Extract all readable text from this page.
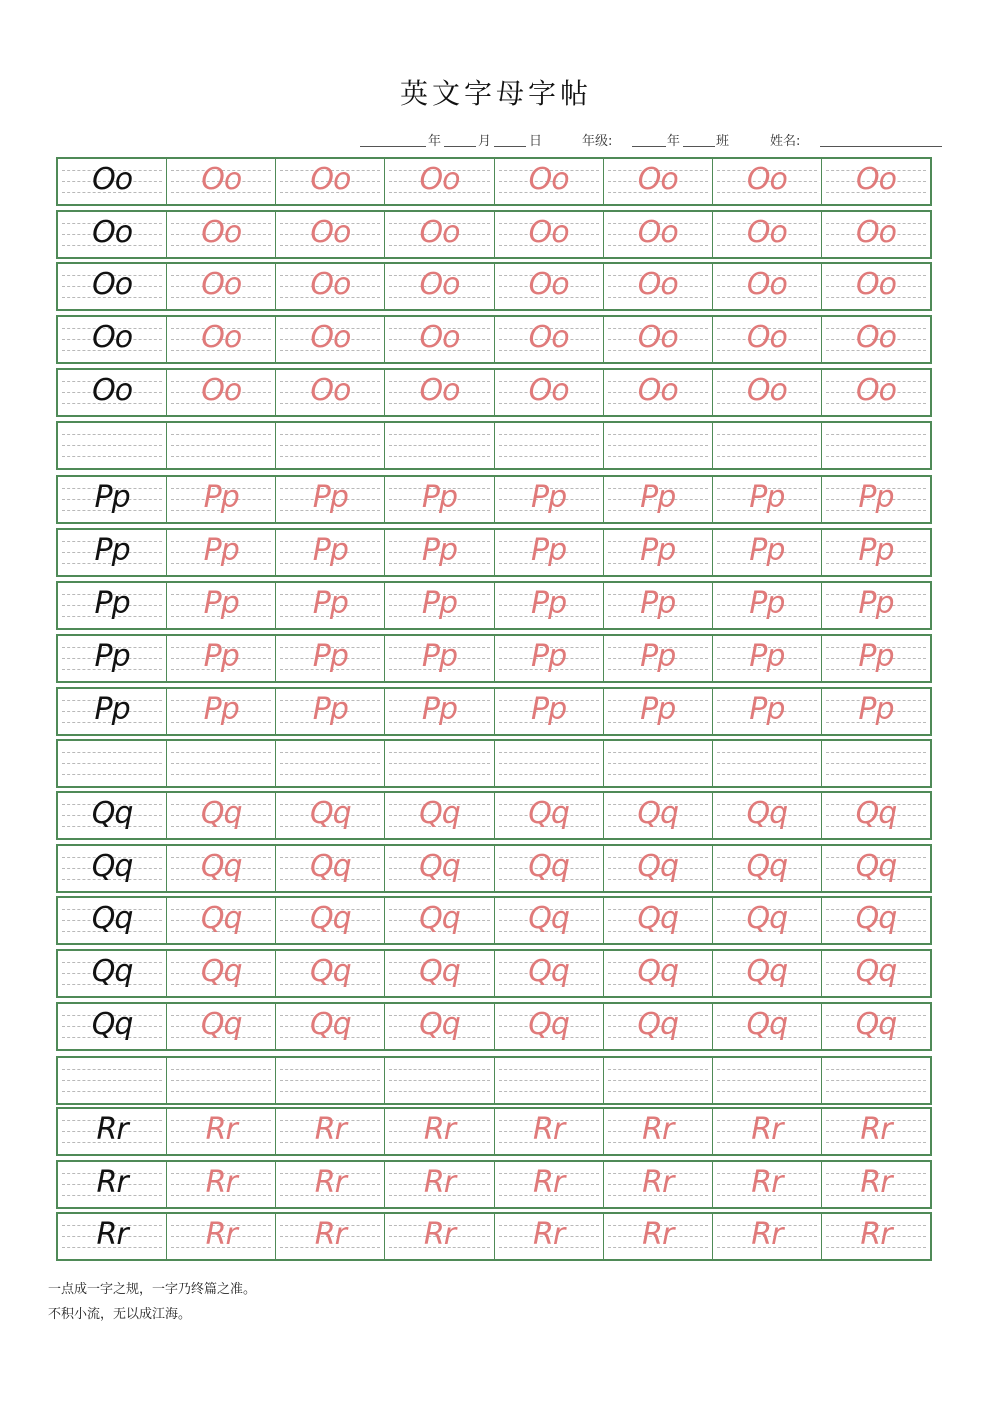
英文字母字帖
年	月	日	年级:	年	班	姓名:
Oo	Oo	Oo	Oo	Oo	Oo	Oo	Oo
Oo	Oo	Oo	Oo	Oo	Oo	Oo	Oo
Oo	Oo	Oo	Oo	Oo	Oo	Oo	Oo
Oo	Oo	Oo	Oo	Oo	Oo	Oo	Oo
Oo	Oo	Oo	Oo	Oo	Oo	Oo	Oo
Pp	Pp	Pp	Pp	Pp	Pp	Pp	Pp
Pp	Pp	Pp	Pp	Pp	Pp	Pp	Pp
Pp	Pp	Pp	Pp	Pp	Pp	Pp	Pp
Pp	Pp	Pp	Pp	Pp	Pp	Pp	Pp
Pp	Pp	Pp	Pp	Pp	Pp	Pp	Pp
Qq	Qq	Qq	Qq	Qq	Qq	Qq	Qq
Qq	Qq	Qq	Qq	Qq	Qq	Qq	Qq
Qq	Qq	Qq	Qq	Qq	Qq	Qq	Qq
Qq	Qq	Qq	Qq	Qq	Qq	Qq	Qq
Qq	Qq	Qq	Qq	Qq	Qq	Qq	Qq
Rr	Rr	Rr	Rr	Rr	Rr	Rr	Rr
Rr	Rr	Rr	Rr	Rr	Rr	Rr	Rr
Rr	Rr	Rr	Rr	Rr	Rr	Rr	Rr
一点成一字之规，一字乃终篇之准。
不积小流，无以成江海。
